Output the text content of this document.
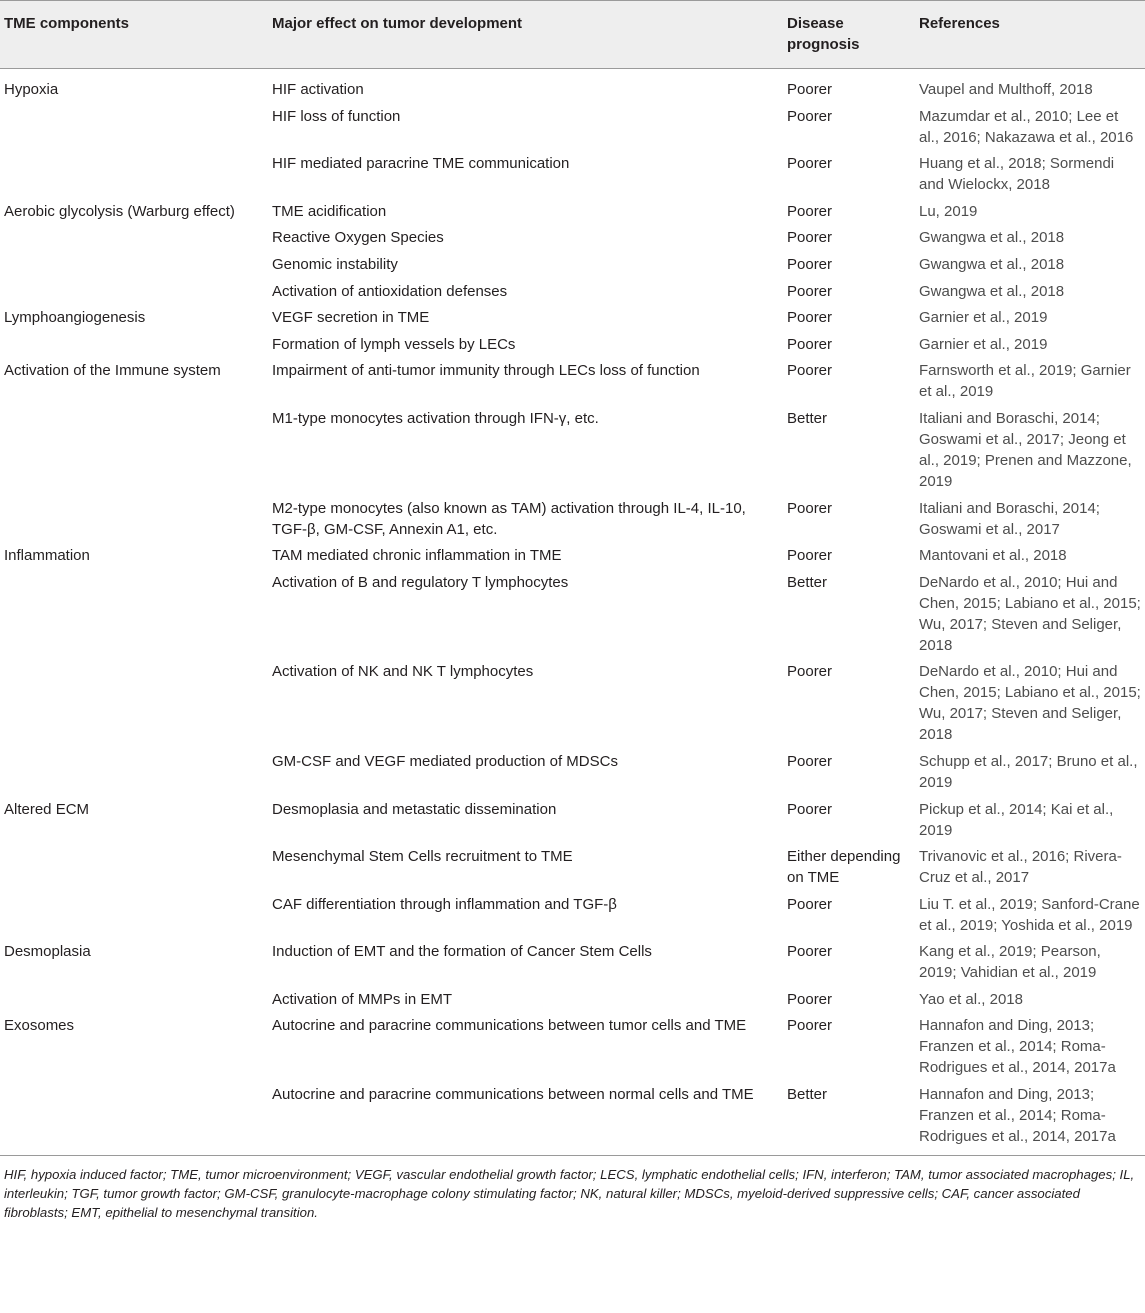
TME components	Major effect on tumor development	Disease prognosis	References
Hypoxia	HIF activation	Poorer	Vaupel and Multhoff, 2018
	HIF loss of function	Poorer	Mazumdar et al., 2010; Lee et al., 2016; Nakazawa et al., 2016
	HIF mediated paracrine TME communication	Poorer	Huang et al., 2018; Sormendi and Wielockx, 2018
Aerobic glycolysis (Warburg effect)	TME acidification	Poorer	Lu, 2019
	Reactive Oxygen Species	Poorer	Gwangwa et al., 2018
	Genomic instability	Poorer	Gwangwa et al., 2018
	Activation of antioxidation defenses	Poorer	Gwangwa et al., 2018
Lymphoangiogenesis	VEGF secretion in TME	Poorer	Garnier et al., 2019
	Formation of lymph vessels by LECs	Poorer	Garnier et al., 2019
Activation of the Immune system	Impairment of anti-tumor immunity through LECs loss of function	Poorer	Farnsworth et al., 2019; Garnier et al., 2019
	M1-type monocytes activation through IFN-γ, etc.	Better	Italiani and Boraschi, 2014; Goswami et al., 2017; Jeong et al., 2019; Prenen and Mazzone, 2019
	M2-type monocytes (also known as TAM) activation through IL-4, IL-10, TGF-β, GM-CSF, Annexin A1, etc.	Poorer	Italiani and Boraschi, 2014; Goswami et al., 2017
Inflammation	TAM mediated chronic inflammation in TME	Poorer	Mantovani et al., 2018
	Activation of B and regulatory T lymphocytes	Better	DeNardo et al., 2010; Hui and Chen, 2015; Labiano et al., 2015; Wu, 2017; Steven and Seliger, 2018
	Activation of NK and NK T lymphocytes	Poorer	DeNardo et al., 2010; Hui and Chen, 2015; Labiano et al., 2015; Wu, 2017; Steven and Seliger, 2018
	GM-CSF and VEGF mediated production of MDSCs	Poorer	Schupp et al., 2017; Bruno et al., 2019
Altered ECM	Desmoplasia and metastatic dissemination	Poorer	Pickup et al., 2014; Kai et al., 2019
	Mesenchymal Stem Cells recruitment to TME	Either depending on TME	Trivanovic et al., 2016; Rivera-Cruz et al., 2017
	CAF differentiation through inflammation and TGF-β	Poorer	Liu T. et al., 2019; Sanford-Crane et al., 2019; Yoshida et al., 2019
Desmoplasia	Induction of EMT and the formation of Cancer Stem Cells	Poorer	Kang et al., 2019; Pearson, 2019; Vahidian et al., 2019
	Activation of MMPs in EMT	Poorer	Yao et al., 2018
Exosomes	Autocrine and paracrine communications between tumor cells and TME	Poorer	Hannafon and Ding, 2013; Franzen et al., 2014; Roma-Rodrigues et al., 2014, 2017a
	Autocrine and paracrine communications between normal cells and TME	Better	Hannafon and Ding, 2013; Franzen et al., 2014; Roma-Rodrigues et al., 2014, 2017a
HIF, hypoxia induced factor; TME, tumor microenvironment; VEGF, vascular endothelial growth factor; LECS, lymphatic endothelial cells; IFN, interferon; TAM, tumor associated macrophages; IL, interleukin; TGF, tumor growth factor; GM-CSF, granulocyte-macrophage colony stimulating factor; NK, natural killer; MDSCs, myeloid-derived suppressive cells; CAF, cancer associated fibroblasts; EMT, epithelial to mesenchymal transition.
